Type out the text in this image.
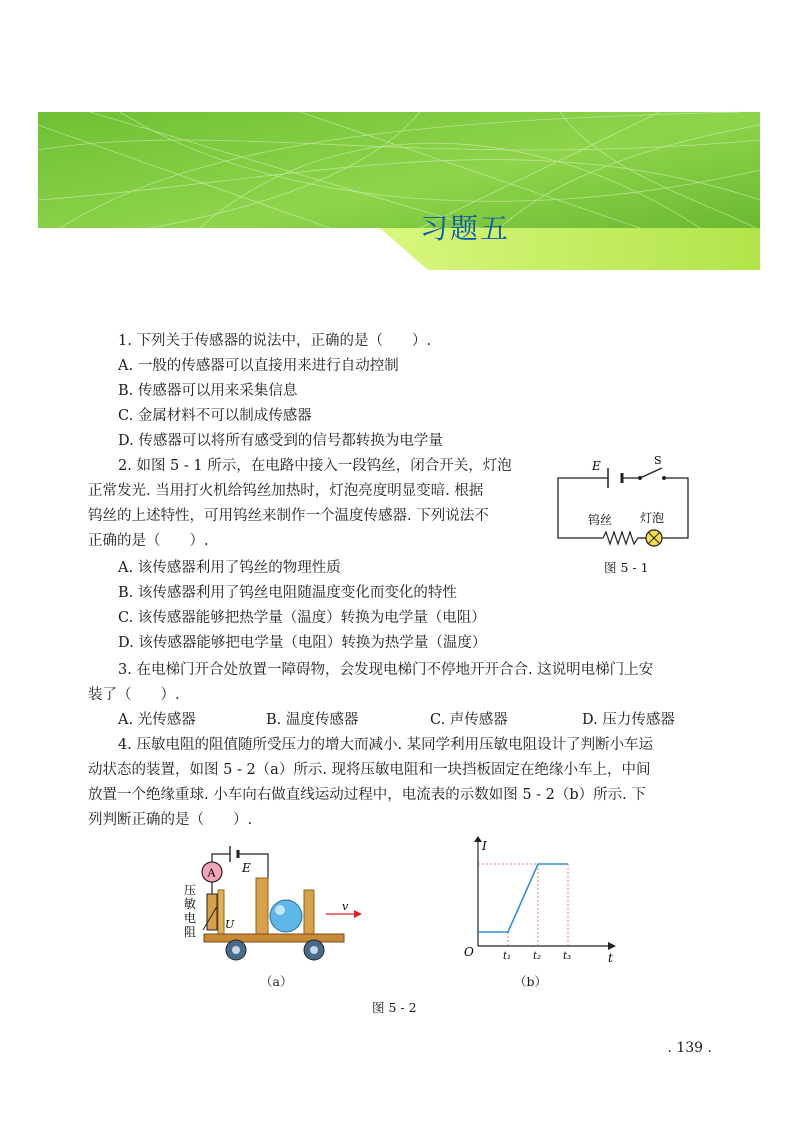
习题五
1. 下列关于传感器的说法中，正确的是（　　）.
A. 一般的传感器可以直接用来进行自动控制
B. 传感器可以用来采集信息
C. 金属材料不可以制成传感器
D. 传感器可以将所有感受到的信号都转换为电学量
2. 如图 5 - 1 所示，在电路中接入一段钨丝，闭合开关，灯泡
正常发光. 当用打火机给钨丝加热时，灯泡亮度明显变暗. 根据
钨丝的上述特性，可用钨丝来制作一个温度传感器. 下列说法不
正确的是（　　）.
A. 该传感器利用了钨丝的物理性质
B. 该传感器利用了钨丝电阻随温度变化而变化的特性
C. 该传感器能够把热学量（温度）转换为电学量（电阻）
D. 该传感器能够把电学量（电阻）转换为热学量（温度）
E	S
钨丝 灯泡
图 5 - 1
3. 在电梯门开合处放置一障碍物，会发现电梯门不停地开开合合. 这说明电梯门上安
装了（　　）.
A. 光传感器	B. 温度传感器	C. 声传感器	D. 压力传感器
4. 压敏电阻的阻值随所受压力的增大而减小. 某同学利用压敏电阻设计了判断小车运
动状态的装置，如图 5 - 2（a）所示. 现将压敏电阻和一块挡板固定在绝缘小车上，中间
放置一个绝缘重球. 小车向右做直线运动过程中，电流表的示数如图 5 - 2（b）所示. 下
列判断正确的是（　　）.
A E
U
v
压
敏
电
阻
（a）
I
t
O	t₁ t₂ t₃
（b）
图 5 - 2
. 139 .
